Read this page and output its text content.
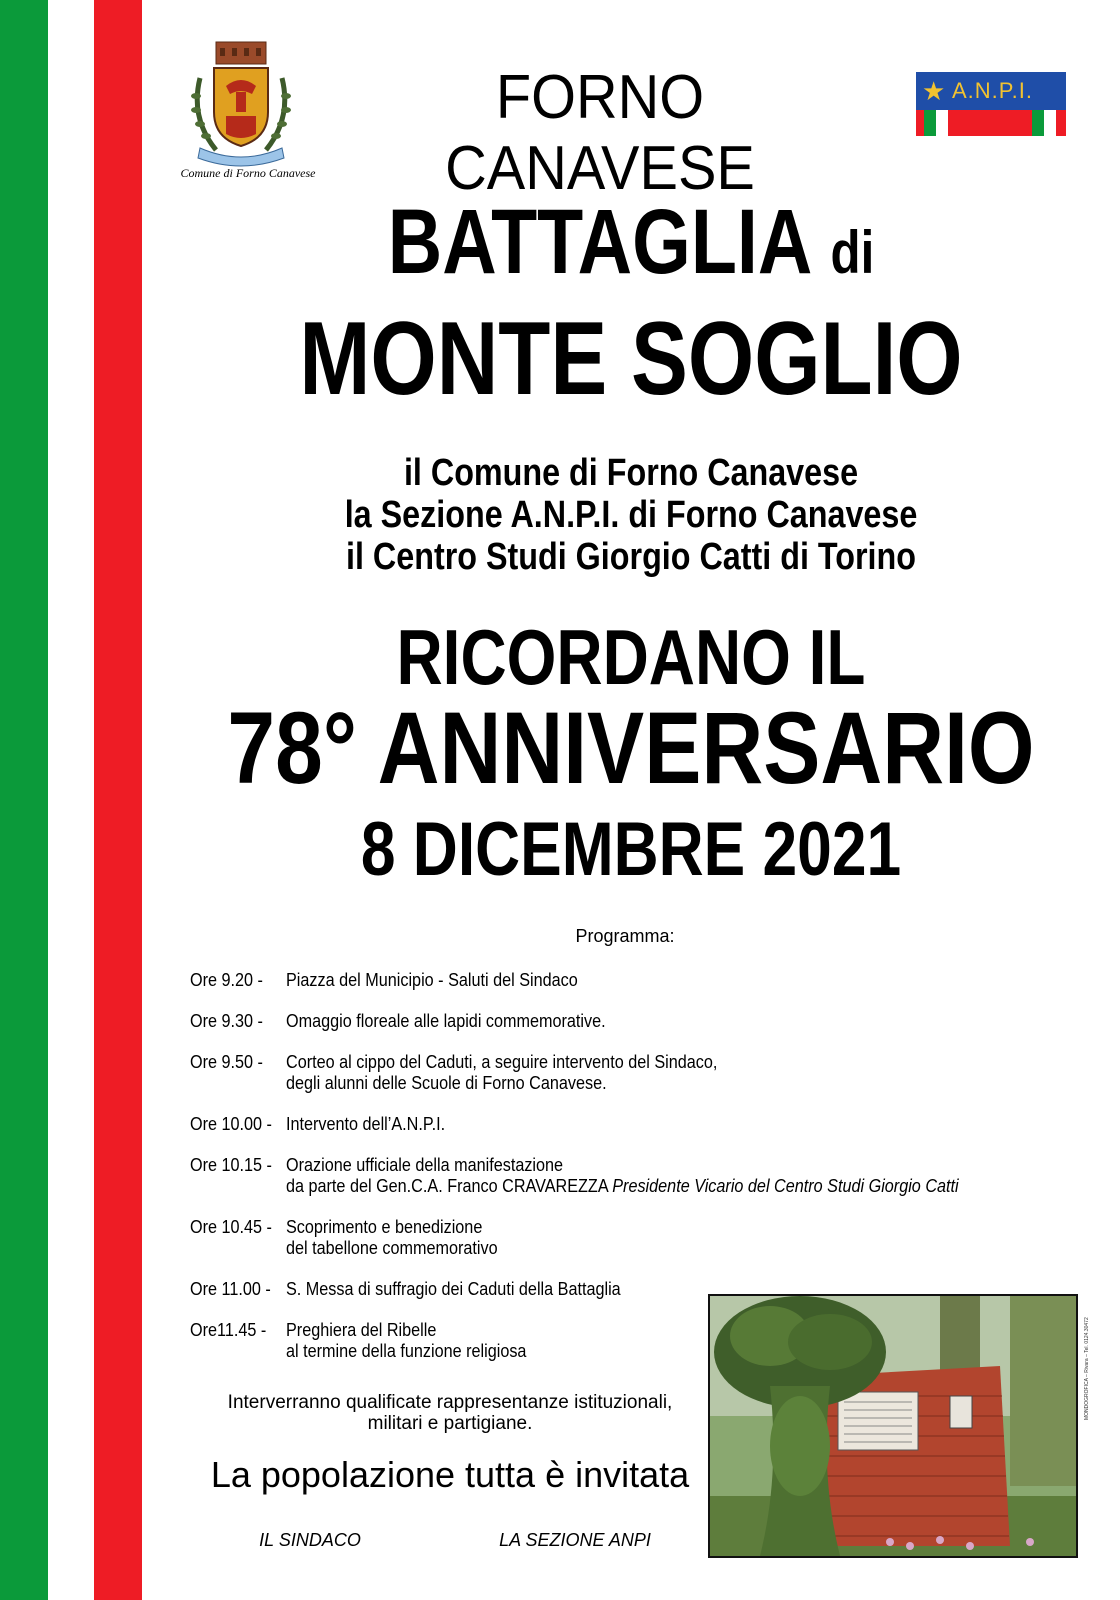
Comune di Forno Canavese
FORNO CANAVESE
★ A.N.P.I.
BATTAGLIA di
MONTE SOGLIO
il Comune di Forno Canavese
la Sezione A.N.P.I. di Forno Canavese
il Centro Studi Giorgio Catti di Torino
RICORDANO IL
78° ANNIVERSARIO
8 DICEMBRE 2021
Programma:
Ore 9.20 -	Piazza del Municipio - Saluti del Sindaco
Ore 9.30 -	Omaggio floreale alle lapidi commemorative.
Ore 9.50 -	Corteo al cippo del Caduti, a seguire intervento del Sindaco,
degli alunni delle Scuole di Forno Canavese.
Ore 10.00 - Intervento dell’A.N.P.I.
Ore 10.15 - Orazione ufficiale della manifestazione
da parte del Gen.C.A. Franco CRAVAREZZA Presidente Vicario del Centro Studi Giorgio Catti
Ore 10.45 - Scoprimento e benedizione
del tabellone commemorativo
Ore 11.00 - S. Messa di suffragio dei Caduti della Battaglia
Ore11.45 -	Preghiera del Ribelle
al termine della funzione religiosa
Interverranno qualificate rappresentanze istituzionali,
militari e partigiane.
La popolazione tutta è invitata
IL SINDACO	LA SEZIONE ANPI
MONDOGROFICA – Rivara – Tel. 0124.30472
